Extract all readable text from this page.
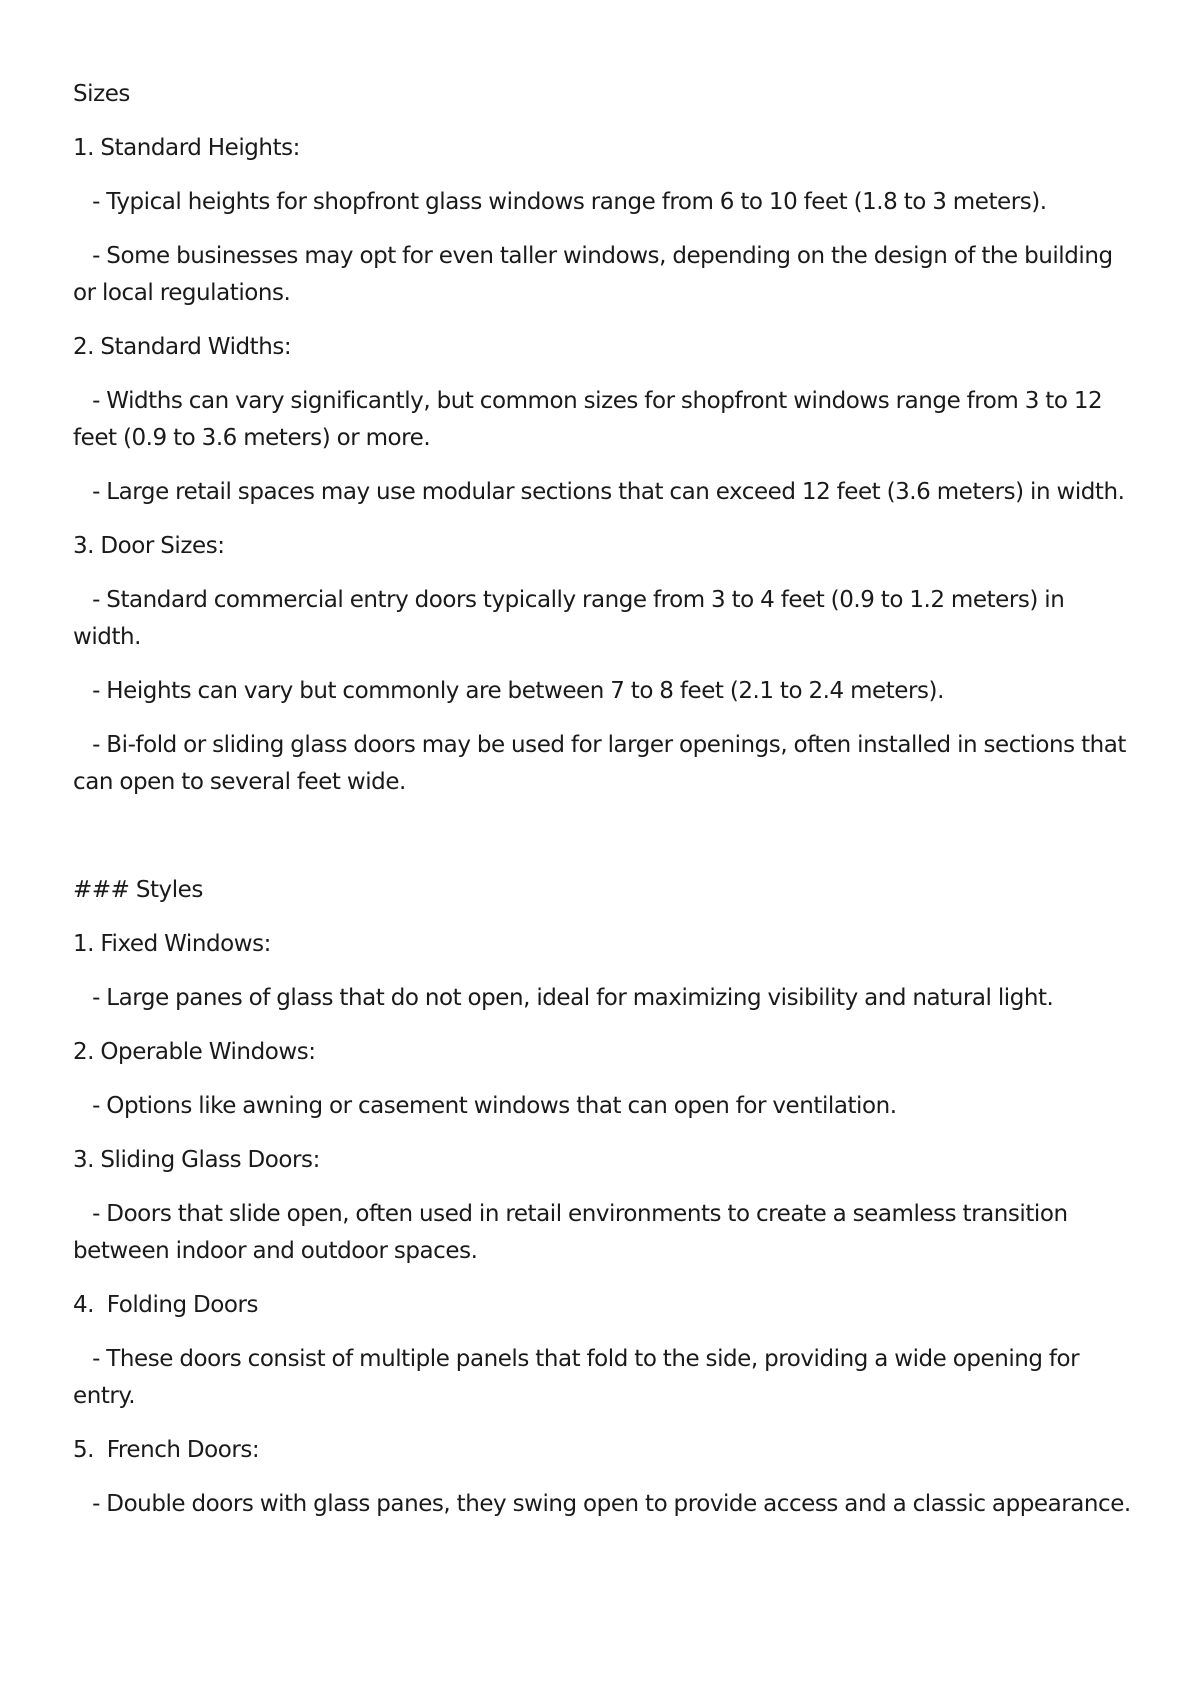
Sizes

1. Standard Heights:

- Typical heights for shopfront glass windows range from 6 to 10 feet (1.8 to 3 meters).

- Some businesses may opt for even taller windows, depending on the design of the building or local regulations.

2. Standard Widths:

- Widths can vary significantly, but common sizes for shopfront windows range from 3 to 12 feet (0.9 to 3.6 meters) or more.

- Large retail spaces may use modular sections that can exceed 12 feet (3.6 meters) in width.

3. Door Sizes:

- Standard commercial entry doors typically range from 3 to 4 feet (0.9 to 1.2 meters) in width.

- Heights can vary but commonly are between 7 to 8 feet (2.1 to 2.4 meters).

- Bi-fold or sliding glass doors may be used for larger openings, often installed in sections that can open to several feet wide.

### Styles

1. Fixed Windows:

- Large panes of glass that do not open, ideal for maximizing visibility and natural light.

2. Operable Windows:

- Options like awning or casement windows that can open for ventilation.

3. Sliding Glass Doors:

- Doors that slide open, often used in retail environments to create a seamless transition between indoor and outdoor spaces.

4.  Folding Doors

- These doors consist of multiple panels that fold to the side, providing a wide opening for entry.

5.  French Doors:

- Double doors with glass panes, they swing open to provide access and a classic appearance.
